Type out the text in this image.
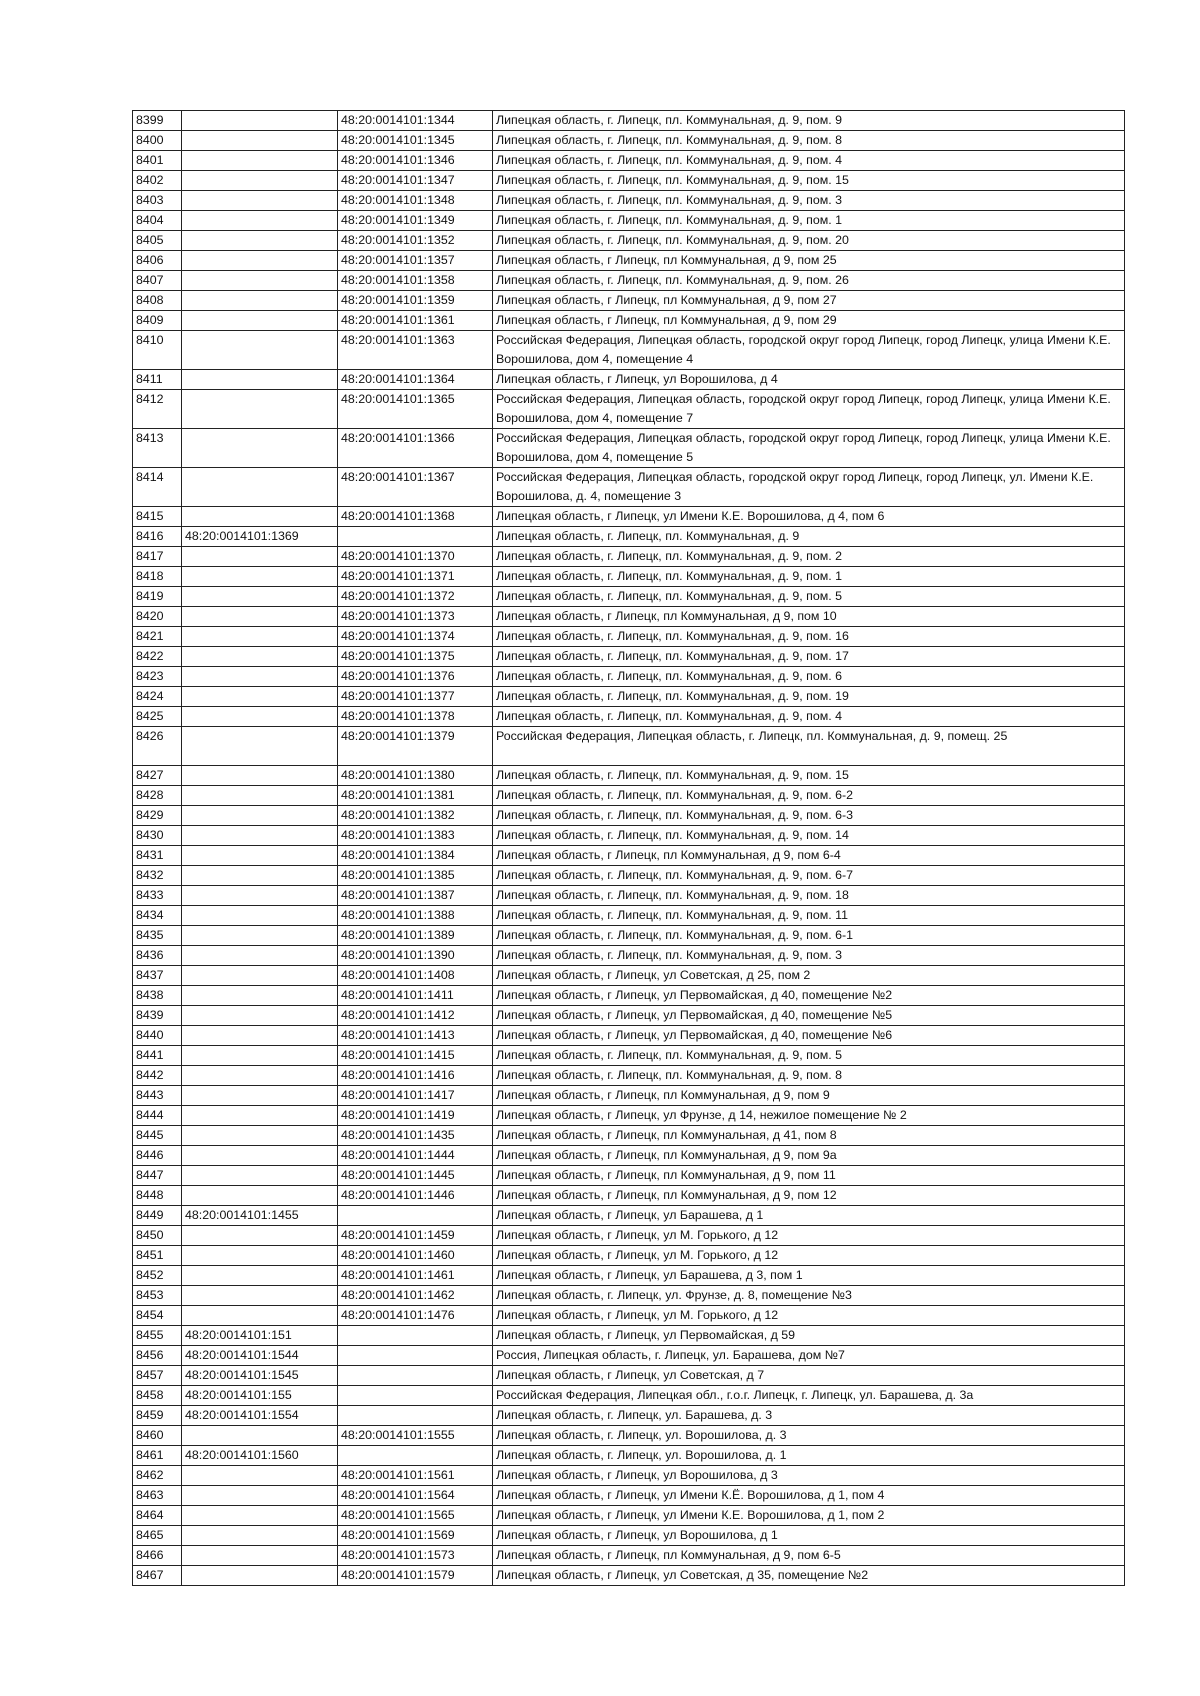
8399		48:20:0014101:1344	Липецкая область, г. Липецк, пл. Коммунальная, д. 9, пом. 9
8400		48:20:0014101:1345	Липецкая область, г. Липецк, пл. Коммунальная, д. 9, пом. 8
8401		48:20:0014101:1346	Липецкая область, г. Липецк, пл. Коммунальная, д. 9, пом. 4
8402		48:20:0014101:1347	Липецкая область, г. Липецк, пл. Коммунальная, д. 9, пом. 15
8403		48:20:0014101:1348	Липецкая область, г. Липецк, пл. Коммунальная, д. 9, пом. 3
8404		48:20:0014101:1349	Липецкая область, г. Липецк, пл. Коммунальная, д. 9, пом. 1
8405		48:20:0014101:1352	Липецкая область, г. Липецк, пл. Коммунальная, д. 9, пом. 20
8406		48:20:0014101:1357	Липецкая область, г Липецк, пл Коммунальная, д 9, пом 25
8407		48:20:0014101:1358	Липецкая область, г. Липецк, пл. Коммунальная, д. 9, пом. 26
8408		48:20:0014101:1359	Липецкая область, г Липецк, пл Коммунальная, д 9, пом 27
8409		48:20:0014101:1361	Липецкая область, г Липецк, пл Коммунальная, д 9, пом 29
8410		48:20:0014101:1363	Российская Федерация, Липецкая область, городской округ город Липецк, город Липецк, улица Имени К.Е. Ворошилова, дом 4, помещение 4
8411		48:20:0014101:1364	Липецкая область, г Липецк, ул Ворошилова, д 4
8412		48:20:0014101:1365	Российская Федерация, Липецкая область, городской округ город Липецк, город Липецк, улица Имени К.Е. Ворошилова, дом 4, помещение 7
8413		48:20:0014101:1366	Российская Федерация, Липецкая область, городской округ город Липецк, город Липецк, улица Имени К.Е. Ворошилова, дом 4, помещение 5
8414		48:20:0014101:1367	Российская Федерация, Липецкая область, городской округ город Липецк, город Липецк, ул. Имени К.Е. Ворошилова, д. 4, помещение 3
8415		48:20:0014101:1368	Липецкая область, г Липецк, ул Имени К.Е. Ворошилова, д 4, пом 6
8416	48:20:0014101:1369		Липецкая область, г. Липецк, пл. Коммунальная, д. 9
8417		48:20:0014101:1370	Липецкая область, г. Липецк, пл. Коммунальная, д. 9, пом. 2
8418		48:20:0014101:1371	Липецкая область, г. Липецк, пл. Коммунальная, д. 9, пом. 1
8419		48:20:0014101:1372	Липецкая область, г. Липецк, пл. Коммунальная, д. 9, пом. 5
8420		48:20:0014101:1373	Липецкая область, г Липецк, пл Коммунальная, д 9, пом 10
8421		48:20:0014101:1374	Липецкая область, г. Липецк, пл. Коммунальная, д. 9, пом. 16
8422		48:20:0014101:1375	Липецкая область, г. Липецк, пл. Коммунальная, д. 9, пом. 17
8423		48:20:0014101:1376	Липецкая область, г. Липецк, пл. Коммунальная, д. 9, пом. 6
8424		48:20:0014101:1377	Липецкая область, г. Липецк, пл. Коммунальная, д. 9, пом. 19
8425		48:20:0014101:1378	Липецкая область, г. Липецк, пл. Коммунальная, д. 9, пом. 4
8426		48:20:0014101:1379	Российская Федерация, Липецкая область, г. Липецк, пл. Коммунальная, д. 9, помещ. 25
8427		48:20:0014101:1380	Липецкая область, г. Липецк, пл. Коммунальная, д. 9, пом. 15
8428		48:20:0014101:1381	Липецкая область, г. Липецк, пл. Коммунальная, д. 9, пом. 6-2
8429		48:20:0014101:1382	Липецкая область, г. Липецк, пл. Коммунальная, д. 9, пом. 6-3
8430		48:20:0014101:1383	Липецкая область, г. Липецк, пл. Коммунальная, д. 9, пом. 14
8431		48:20:0014101:1384	Липецкая область, г Липецк, пл Коммунальная, д 9, пом 6-4
8432		48:20:0014101:1385	Липецкая область, г. Липецк, пл. Коммунальная, д. 9, пом. 6-7
8433		48:20:0014101:1387	Липецкая область, г. Липецк, пл. Коммунальная, д. 9, пом. 18
8434		48:20:0014101:1388	Липецкая область, г. Липецк, пл. Коммунальная, д. 9, пом. 11
8435		48:20:0014101:1389	Липецкая область, г. Липецк, пл. Коммунальная, д. 9, пом. 6-1
8436		48:20:0014101:1390	Липецкая область, г. Липецк, пл. Коммунальная, д. 9, пом. 3
8437		48:20:0014101:1408	Липецкая область, г Липецк, ул Советская, д 25, пом 2
8438		48:20:0014101:1411	Липецкая область, г Липецк, ул Первомайская, д 40, помещение №2
8439		48:20:0014101:1412	Липецкая область, г Липецк, ул Первомайская, д 40, помещение №5
8440		48:20:0014101:1413	Липецкая область, г Липецк, ул Первомайская, д 40, помещение №6
8441		48:20:0014101:1415	Липецкая область, г. Липецк, пл. Коммунальная, д. 9, пом. 5
8442		48:20:0014101:1416	Липецкая область, г. Липецк, пл. Коммунальная, д. 9, пом. 8
8443		48:20:0014101:1417	Липецкая область, г Липецк, пл Коммунальная, д 9, пом 9
8444		48:20:0014101:1419	Липецкая область, г Липецк, ул Фрунзе, д 14, нежилое помещение № 2
8445		48:20:0014101:1435	Липецкая область, г Липецк, пл Коммунальная, д 41, пом 8
8446		48:20:0014101:1444	Липецкая область, г Липецк, пл Коммунальная, д 9, пом 9а
8447		48:20:0014101:1445	Липецкая область, г Липецк, пл Коммунальная, д 9, пом 11
8448		48:20:0014101:1446	Липецкая область, г Липецк, пл Коммунальная, д 9, пом 12
8449	48:20:0014101:1455		Липецкая область, г Липецк, ул Барашева, д 1
8450		48:20:0014101:1459	Липецкая область, г Липецк, ул М. Горького, д 12
8451		48:20:0014101:1460	Липецкая область, г Липецк, ул М. Горького, д 12
8452		48:20:0014101:1461	Липецкая область, г Липецк, ул Барашева, д 3, пом 1
8453		48:20:0014101:1462	Липецкая область, г. Липецк, ул. Фрунзе, д. 8, помещение №3
8454		48:20:0014101:1476	Липецкая область, г Липецк, ул М. Горького, д 12
8455	48:20:0014101:151		Липецкая область, г Липецк, ул Первомайская, д 59
8456	48:20:0014101:1544		Россия, Липецкая область, г. Липецк, ул. Барашева, дом №7
8457	48:20:0014101:1545		Липецкая область, г Липецк, ул Советская, д 7
8458	48:20:0014101:155		Российская Федерация, Липецкая обл., г.о.г. Липецк, г. Липецк, ул. Барашева, д. 3а
8459	48:20:0014101:1554		Липецкая область, г. Липецк, ул. Барашева, д. 3
8460		48:20:0014101:1555	Липецкая область, г. Липецк, ул. Ворошилова, д. 3
8461	48:20:0014101:1560		Липецкая область, г. Липецк, ул. Ворошилова, д. 1
8462		48:20:0014101:1561	Липецкая область, г Липецк, ул Ворошилова, д 3
8463		48:20:0014101:1564	Липецкая область, г Липецк, ул Имени К.Ё. Ворошилова, д 1, пом 4
8464		48:20:0014101:1565	Липецкая область, г Липецк, ул Имени К.Е. Ворошилова, д 1, пом 2
8465		48:20:0014101:1569	Липецкая область, г Липецк, ул Ворошилова, д 1
8466		48:20:0014101:1573	Липецкая область, г Липецк, пл Коммунальная, д 9, пом 6-5
8467		48:20:0014101:1579	Липецкая область, г Липецк, ул Советская, д 35, помещение №2
